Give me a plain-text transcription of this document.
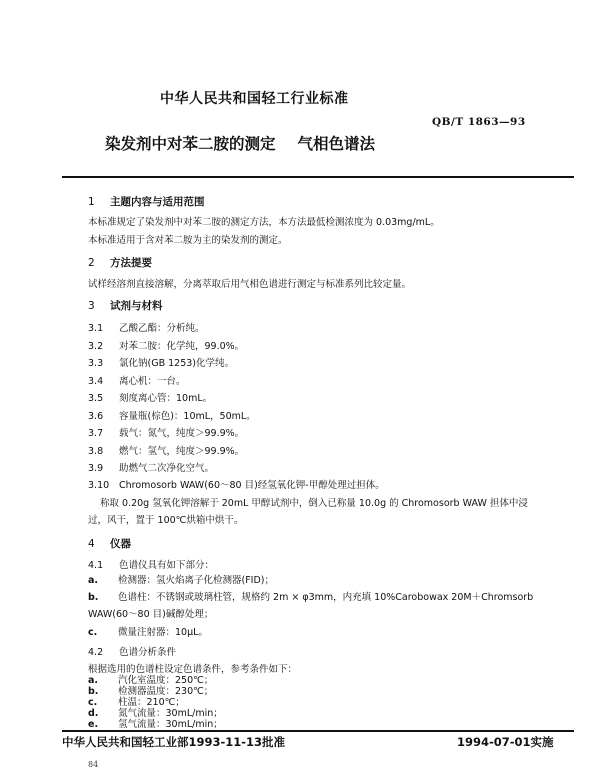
中华人民共和国轻工行业标准
QB/T 1863—93
染发剂中对苯二胺的测定 气相色谱法
1 主题内容与适用范围
本标准规定了染发剂中对苯二胺的测定方法，本方法最低检测浓度为 0.03mg/mL。
本标准适用于含对苯二胺为主的染发剂的测定。
2 方法提要
试样经溶剂直接溶解，分离萃取后用气相色谱进行测定与标准系列比较定量。
3 试剂与材料
3.1 乙酸乙酯：分析纯。
3.2 对苯二胺：化学纯，99.0%。
3.3 氯化钠(GB 1253)化学纯。
3.4 离心机：一台。
3.5 刻度离心管：10mL。
3.6 容量瓶(棕色)：10mL，50mL。
3.7 载气：氮气，纯度＞99.9%。
3.8 燃气：氢气，纯度＞99.9%。
3.9 助燃气二次净化空气。
3.10 Chromosorb WAW(60～80 目)经氢氧化钾-甲醇处理过担体。
称取 0.20g 氢氧化钾溶解于 20mL 甲醇试剂中，倒入已称量 10.0g 的 Chromosorb WAW 担体中浸
过，风干，置于 100℃烘箱中烘干。
4 仪器
4.1 色谱仪具有如下部分：
a. 检测器：氢火焰离子化检测器(FID)；
b. 色谱柱：不锈钢或玻璃柱管，规格约 2m × φ3mm，内充填 10%Carobowax 20M＋Chromsorb
WAW(60～80 目)碱醇处理；
c. 微量注射器：10μL。
4.2 色谱分析条件
根据选用的色谱柱设定色谱条件，参考条件如下：
a. 汽化室温度：250℃；
b. 检测器温度：230℃；
c. 柱温：210℃；
中华人民共和国轻工业部1993-11-13批准	1994-07-01实施
84
d. 氮气流量：30mL/min；
e. 氢气流量：30mL/min；
